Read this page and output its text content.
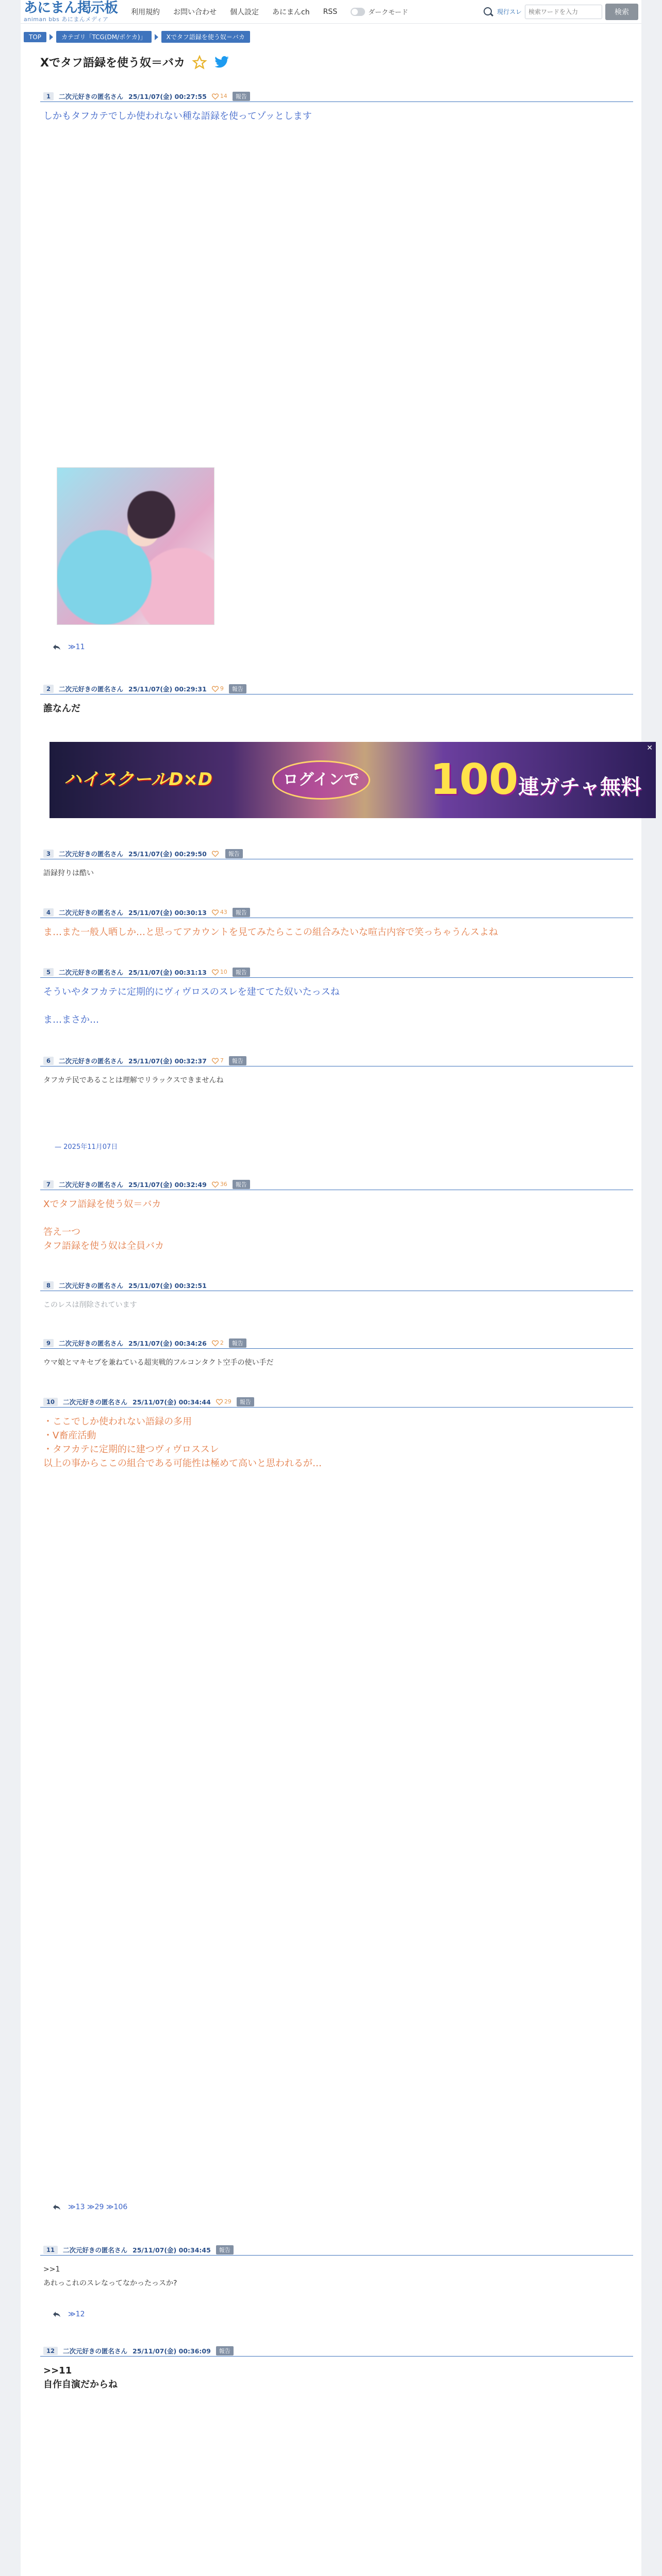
あにまん掲示板
animan bbs あにまんメディア
利用規約 お問い合わせ 個人設定 あにまんch RSS	ダークモード	現行スレ
検索ワードを入力	検索
TOP	カテゴリ「TCG(DM/ポケカ)」	Xでタフ語録を使う奴＝バカ
Xでタフ語録を使う奴＝バカ
1	二次元好きの匿名さん 25/11/07(金) 00:27:55 14	報告
しかもタフカテでしか使われない種な語録を使ってゾッとします
≫11
2	二次元好きの匿名さん 25/11/07(金) 00:29:31 9	報告
誰なんだ
ハイスクールD×D	ログインで 100連ガチャ無料
✕
3	二次元好きの匿名さん 25/11/07(金) 00:29:50	報告
語録狩りは酷い
4	二次元好きの匿名さん 25/11/07(金) 00:30:13 43	報告
ま…また一般人晒しか…と思ってアカウントを見てみたらここの組合みたいな喧古内容で笑っちゃうんスよね
5	二次元好きの匿名さん 25/11/07(金) 00:31:13 10	報告
そういやタフカテに定期的にヴィヴロスのスレを建ててた奴いたっスね

ま…まさか…
6	二次元好きの匿名さん 25/11/07(金) 00:32:37 7	報告
タフカテ民であることは理解でリラックスできませんね
— 2025年11月07日
7	二次元好きの匿名さん 25/11/07(金) 00:32:49 36	報告
Xでタフ語録を使う奴＝バカ

答え一つ
タフ語録を使う奴は全員バカ
8	二次元好きの匿名さん 25/11/07(金) 00:32:51
このレスは削除されています
9	二次元好きの匿名さん 25/11/07(金) 00:34:26 2	報告
ウマ娘とマキセブを兼ねている超実戦的フルコンタクト空手の使い手だ
10	二次元好きの匿名さん 25/11/07(金) 00:34:44 29	報告
・ここでしか使われない語録の多用
・V畜産活動
・タフカテに定期的に建つヴィヴロススレ
以上の事からここの組合である可能性は極めて高いと思われるが…
≫13 ≫29 ≫106
11	二次元好きの匿名さん 25/11/07(金) 00:34:45	報告
>>1
あれっこれのスレなってなかったっスか?
≫12
12	二次元好きの匿名さん 25/11/07(金) 00:36:09	報告
>>11
自作自演だからね
